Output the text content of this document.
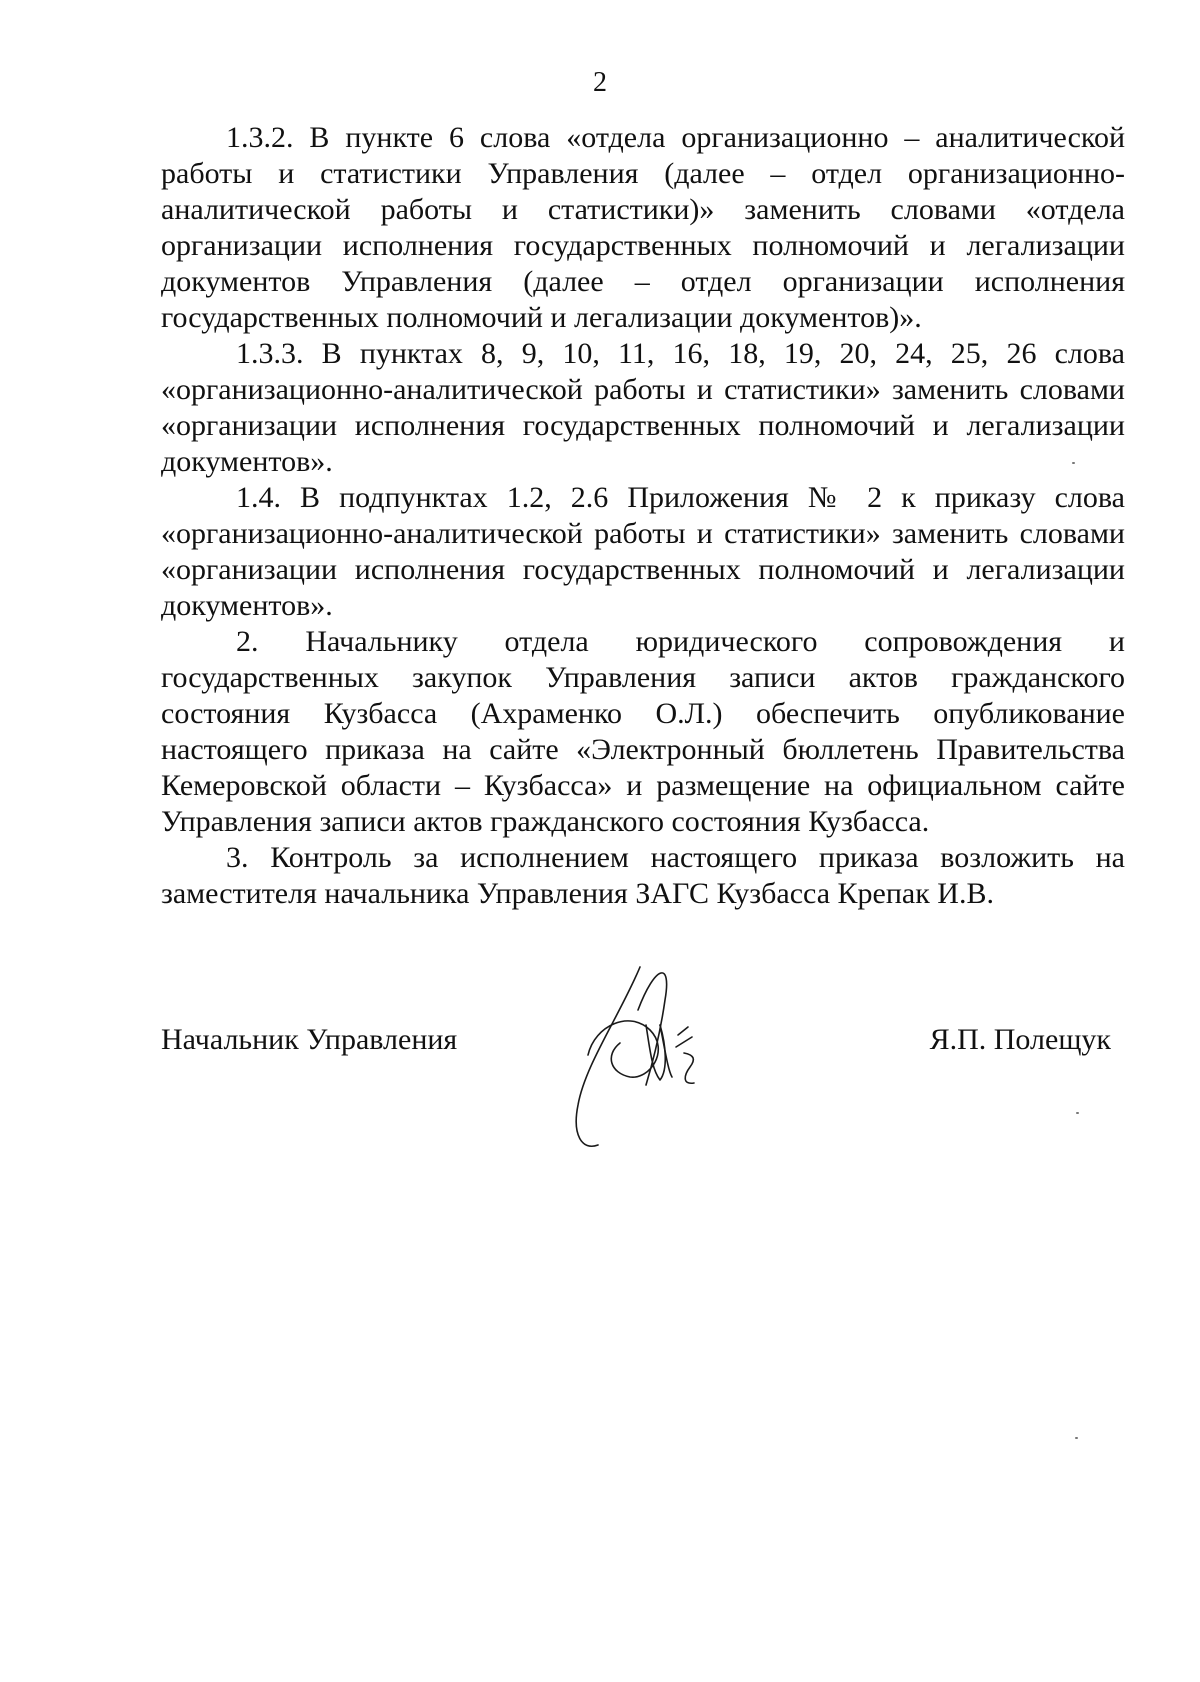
2

1.3.2. В пункте 6 слова «отдела организационно – аналитической работы и статистики Управления (далее – отдел организационно-аналитической работы и статистики)» заменить словами «отдела организации исполнения государственных полномочий и легализации документов Управления (далее – отдел организации исполнения государственных полномочий и легализации документов)».

1.3.3. В пунктах 8, 9, 10, 11, 16, 18, 19, 20, 24, 25, 26 слова «организационно-аналитической работы и статистики» заменить словами «организации исполнения государственных полномочий и легализации документов».

1.4. В подпунктах 1.2, 2.6 Приложения № 2 к приказу слова «организационно-аналитической работы и статистики» заменить словами «организации исполнения государственных полномочий и легализации документов».

2. Начальнику отдела юридического сопровождения и государственных закупок Управления записи актов гражданского состояния Кузбасса (Ахраменко О.Л.) обеспечить опубликование настоящего приказа на сайте «Электронный бюллетень Правительства Кемеровской области – Кузбасса» и размещение на официальном сайте Управления записи актов гражданского состояния Кузбасса.

3. Контроль за исполнением настоящего приказа возложить на заместителя начальника Управления ЗАГС Кузбасса Крепак И.В.

Начальник Управления	Я.П. Полещук
